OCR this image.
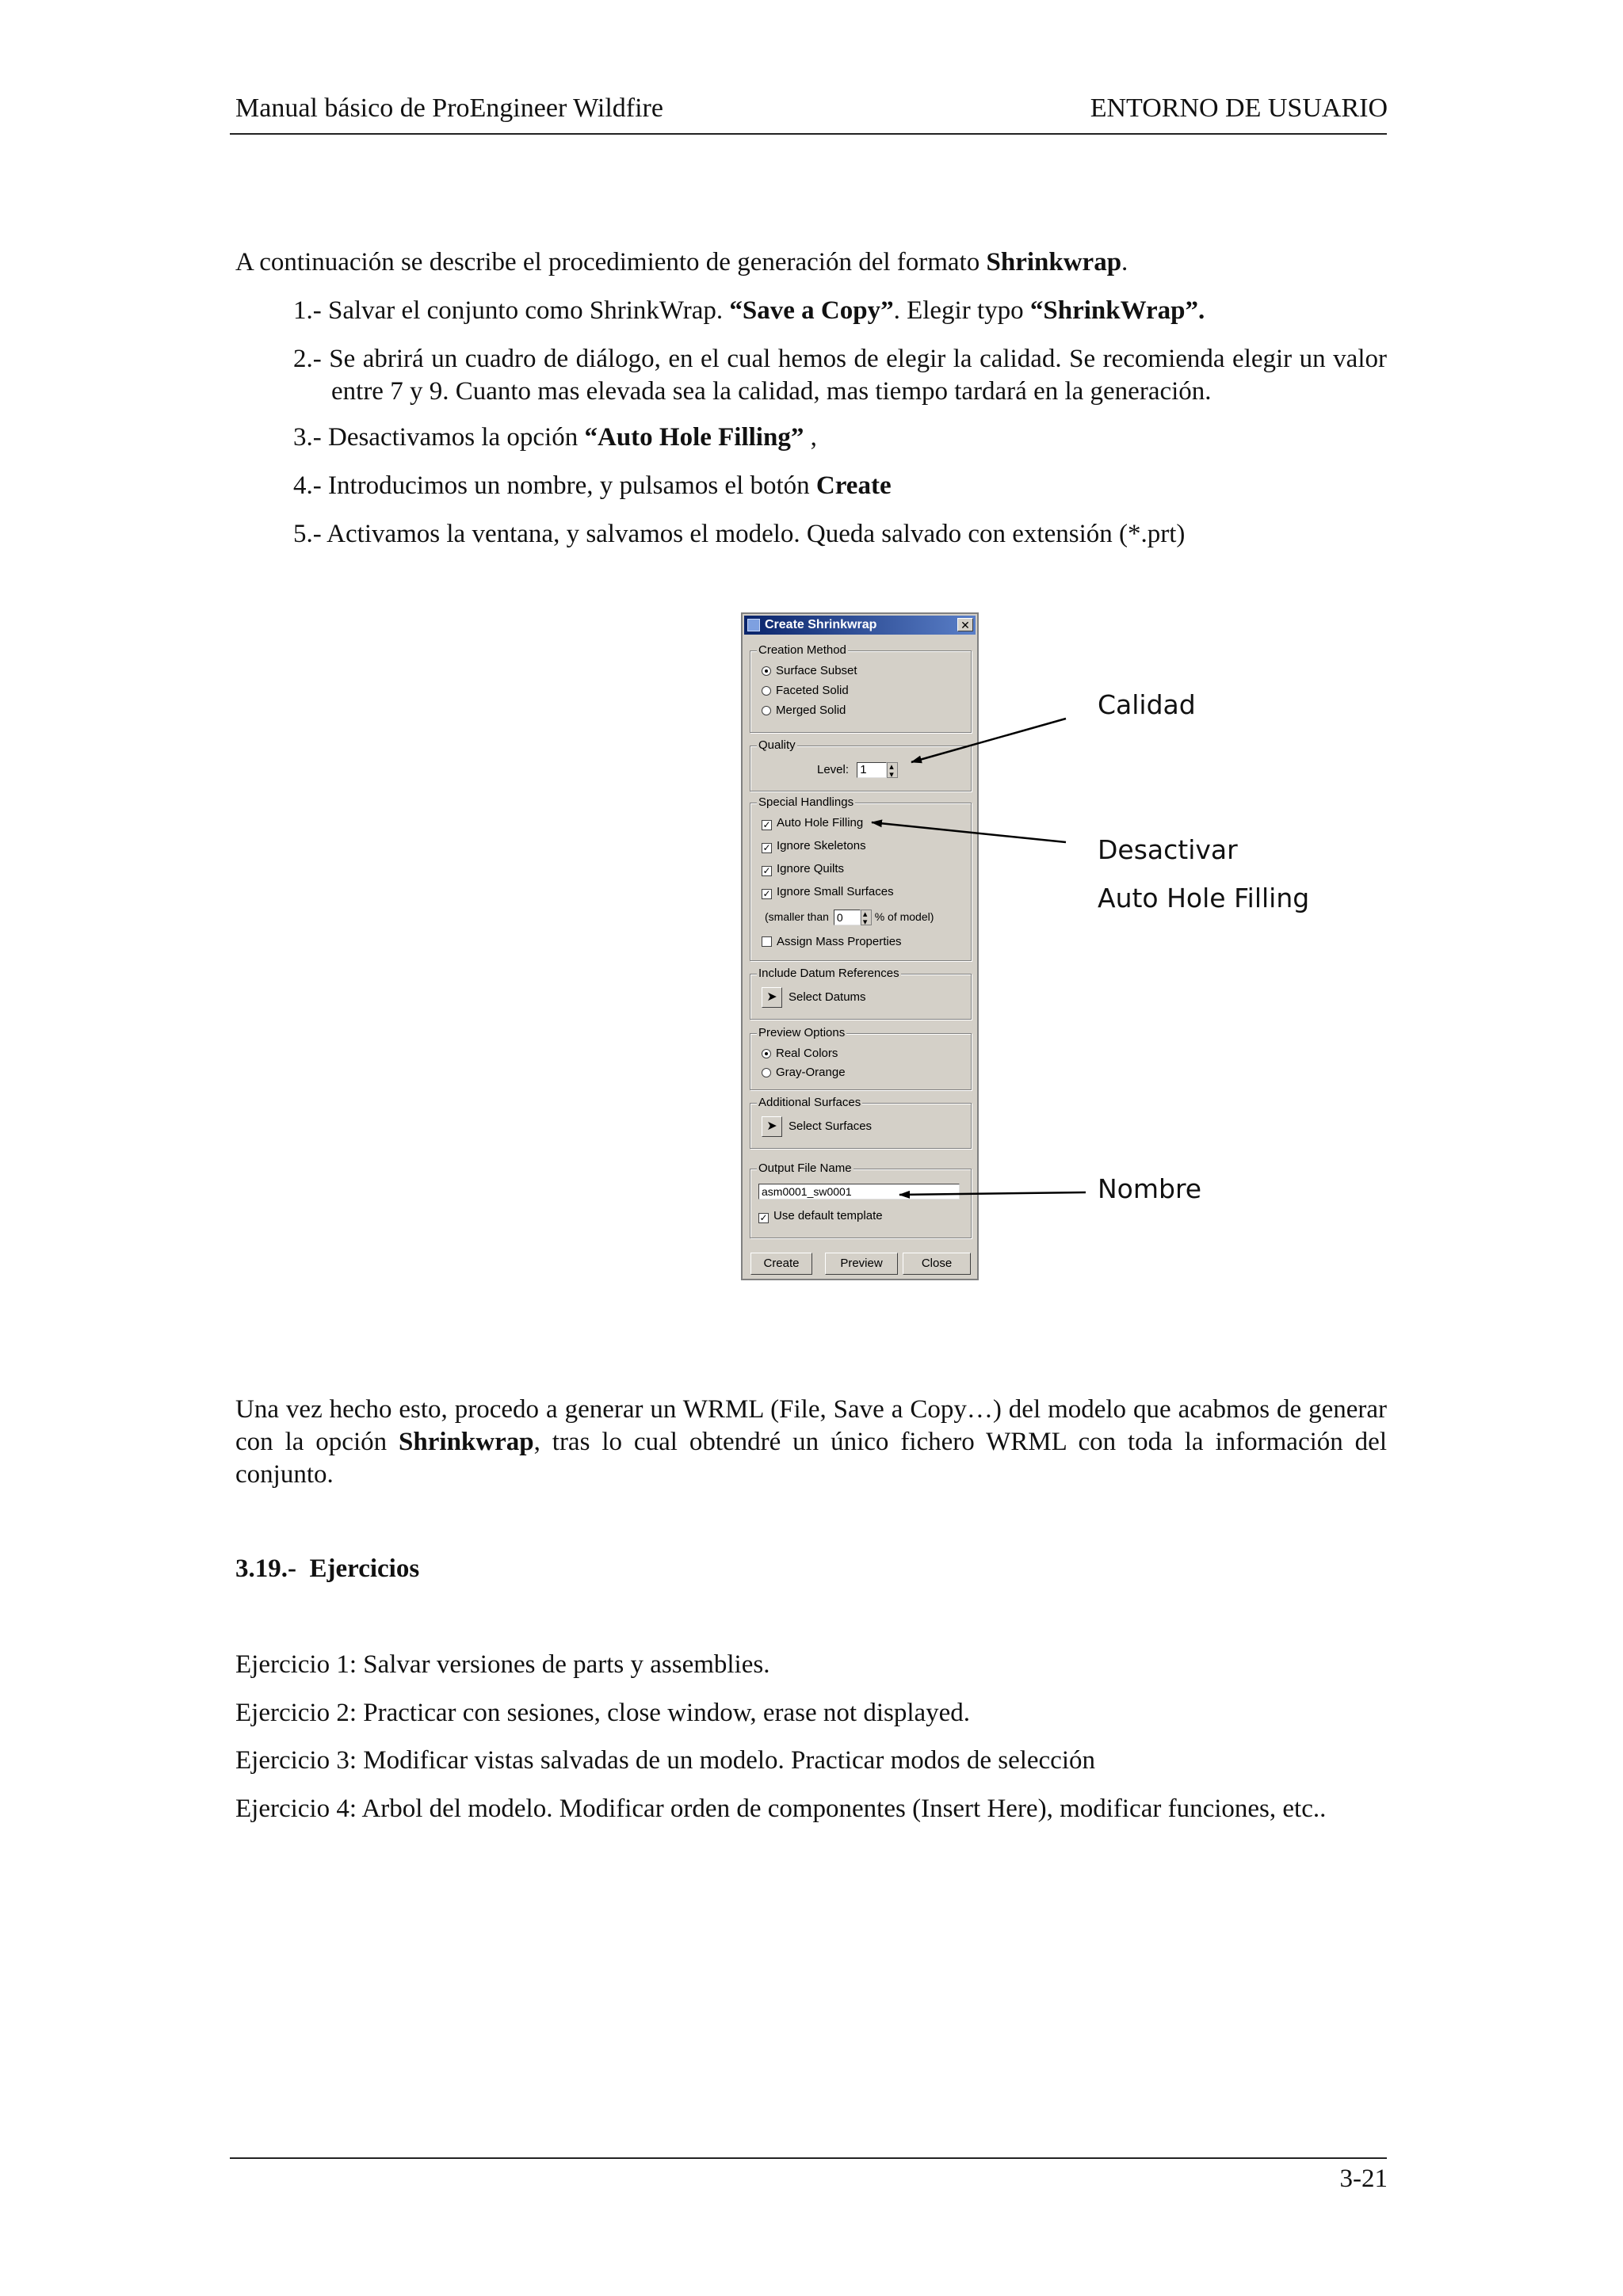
Manual básico de ProEngineer Wildfire	ENTORNO DE USUARIO
A continuación se describe el procedimiento de generación del formato Shrinkwrap.
1.- Salvar el conjunto como ShrinkWrap. “Save a Copy”. Elegir typo “ShrinkWrap”.
2.- Se abrirá un cuadro de diálogo, en el cual hemos de elegir la calidad. Se recomienda elegir un valor entre 7 y 9. Cuanto mas elevada sea la calidad, mas tiempo tardará en la generación.
3.- Desactivamos la opción “Auto Hole Filling” ,
4.- Introducimos un nombre, y pulsamos el botón Create
5.- Activamos la ventana, y salvamos el modelo. Queda salvado con extensión (*.prt)
Create Shrinkwrap	✕
Creation Method
Surface Subset
Faceted Solid
Merged Solid
Quality
Level: 1▴ ▾
Special Handlings
✓ Auto Hole Filling
✓ Ignore Skeletons
✓ Ignore Quilts
✓ Ignore Small Surfaces
(smaller than 0▴ ▾	% of model)
Assign Mass Properties
Include Datum References
➤ Select Datums
Preview Options
Real Colors
Gray-Orange
Additional Surfaces
➤ Select Surfaces
Output File Name
asm0001_sw0001
✓ Use default template
Create	Preview	Close
Calidad
Desactivar
Auto Hole Filling
Nombre
Una vez hecho esto, procedo a generar un WRML (File, Save a Copy…) del modelo que acabmos de generar con la opción Shrinkwrap, tras lo cual obtendré un único fichero WRML con toda la información del conjunto.
3.19.- Ejercicios
Ejercicio 1: Salvar versiones de parts y assemblies.
Ejercicio 2: Practicar con sesiones, close window, erase not displayed.
Ejercicio 3: Modificar vistas salvadas de un modelo. Practicar modos de selección
Ejercicio 4: Arbol del modelo. Modificar orden de componentes (Insert Here), modificar funciones, etc..
3-21
